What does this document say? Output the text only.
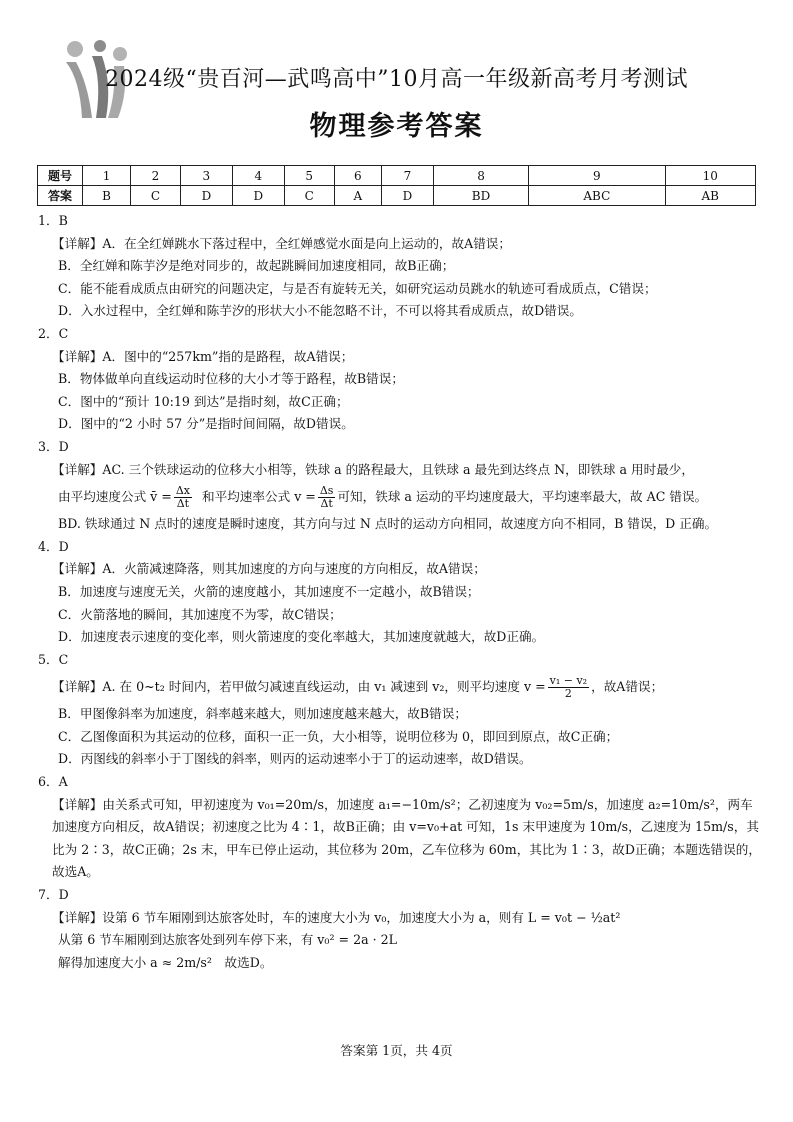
2024级“贵百河—武鸣高中”10月高一年级新高考月考测试
物理参考答案
题号	1	2	3	4	5	6	7	8	9	10
答案	B	C	D	D	C	A	D	BD	ABC	AB

1．B

【详解】A．在全红婵跳水下落过程中，全红婵感觉水面是向上运动的，故A错误；

B．全红婵和陈芋汐是绝对同步的，故起跳瞬间加速度相同，故B正确；

C．能不能看成质点由研究的问题决定，与是否有旋转无关，如研究运动员跳水的轨迹可看成质点，C错误；

D．入水过程中，全红婵和陈芋汐的形状大小不能忽略不计，不可以将其看成质点，故D错误。

2．C

【详解】A．图中的“257km”指的是路程，故A错误；

B．物体做单向直线运动时位移的大小才等于路程，故B错误；

C．图中的“预计 10:19 到达”是指时刻，故C正确；

D．图中的“2 小时 57 分”是指时间间隔，故D错误。

3．D

【详解】AC. 三个铁球运动的位移大小相等，铁球 a 的路程最大，且铁球 a 最先到达终点 N，即铁球 a 用时最少，

由平均速度公式 v̄ = $\frac{\Delta x}{\Delta t}$ 和平均速率公式 $v = \frac{\Delta s}{\Delta t}$ 可知，铁球 a 运动的平均速度最大，平均速率最大，故 AC 错误。

BD. 铁球通过 N 点时的速度是瞬时速度，其方向与过 N 点时的运动方向相同，故速度方向不相同，B 错误，D 正确。

4．D

【详解】A．火箭减速降落，则其加速度的方向与速度的方向相反，故A错误；

B．加速度与速度无关，火箭的速度越小，其加速度不一定越小，故B错误；

C．火箭落地的瞬间，其加速度不为零，故C错误；

D．加速度表示速度的变化率，则火箭速度的变化率越大，其加速度就越大，故D正确。

5．C

【详解】A. 在 0~t₂ 时间内，若甲做匀减速直线运动，由 v₁ 减速到 v₂，则平均速度 $v = \frac{\text{v₁ − v₂}}{2}$ ，故A错误；

B．甲图像斜率为加速度，斜率越来越大，则加速度越来越大，故B错误；

C．乙图像面积为其运动的位移，面积一正一负，大小相等，说明位移为 0，即回到原点，故C正确；

D．丙图线的斜率小于丁图线的斜率，则丙的运动速率小于丁的运动速率，故D错误。

6．A

【详解】由关系式可知，甲初速度为 v₀₁=20m/s，加速度 a₁=−10m/s²；乙初速度为 v₀₂=5m/s，加速度 a₂=10m/s²，两车加速度方向相反，故A错误；初速度之比为 4∶1，故B正确；由 v=v₀+at 可知，1s 末甲速度为 10m/s，乙速度为 15m/s，其比为 2∶3，故C正确；2s 末，甲车已停止运动，其位移为 20m，乙车位移为 60m，其比为 1∶3，故D正确；本题选错误的，故选A。

7．D

【详解】设第 6 节车厢刚到达旅客处时，车的速度大小为 v₀，加速度大小为 a，则有 L = v₀t − ½at²

从第 6 节车厢刚到达旅客处到列车停下来，有 v₀² = 2a · 2L

解得加速度大小 a ≈ 2m/s²　故选D。

答案第 1页，共 4页
